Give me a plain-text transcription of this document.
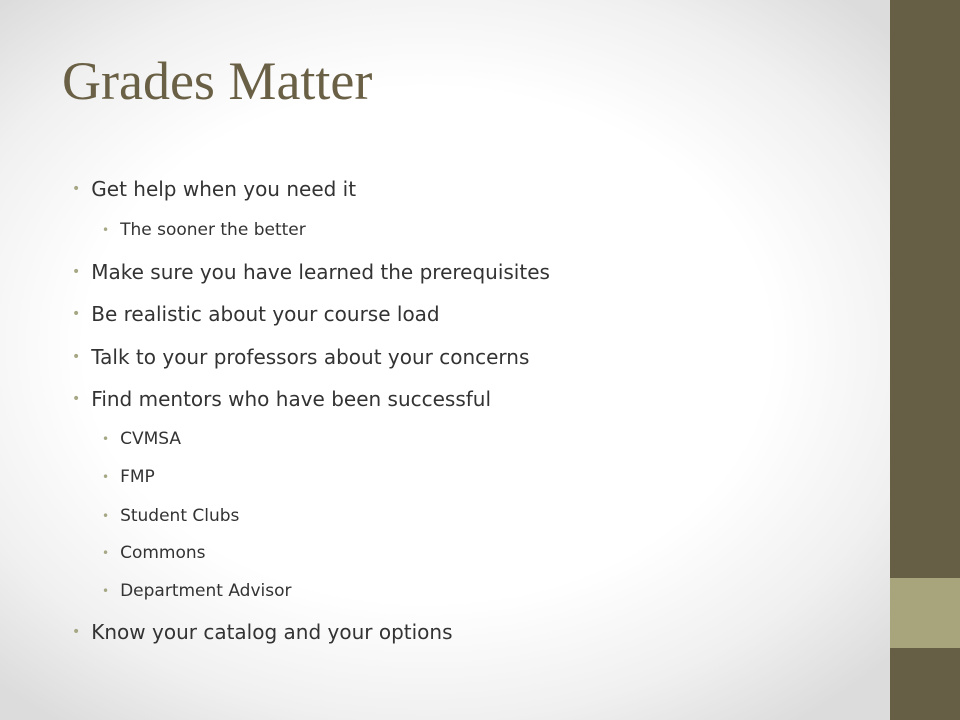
Grades Matter
• Get help when you need it
• The sooner the better
• Make sure you have learned the prerequisites
• Be realistic about your course load
• Talk to your professors about your concerns
• Find mentors who have been successful
• CVMSA
• FMP
• Student Clubs
• Commons
• Department Advisor
• Know your catalog and your options
